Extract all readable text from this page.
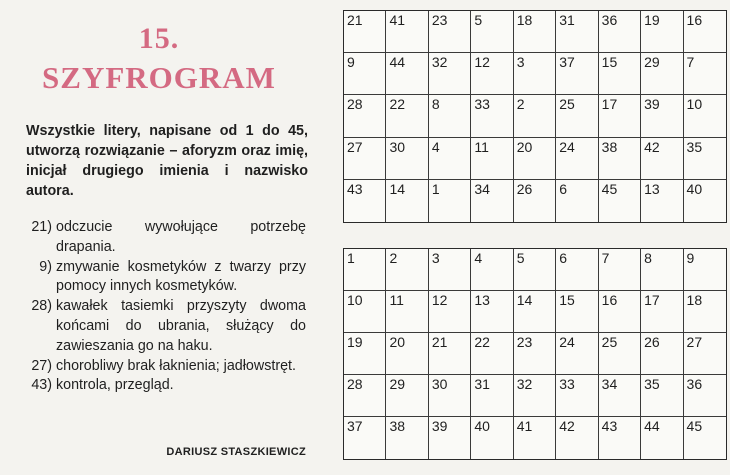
15.
SZYFROGRAM
Wszystkie litery, napisane od 1 do 45, utworzą rozwiązanie – aforyzm oraz imię, inicjał drugiego imienia i nazwisko autora.
21) odczucie wywołujące potrzebę drapania.
9) zmywanie kosmetyków z twarzy przy pomocy innych kosmetyków.
28) kawałek tasiemki przyszyty dwoma końcami do ubrania, służący do zawieszania go na haku.
27) chorobliwy brak łaknienia; jadłowstręt.
43) kontrola, przegląd.
DARIUSZ STASZKIEWICZ
21	41	23	5	18	31	36	19	16
9	44	32	12	3	37	15	29	7
28	22	8	33	2	25	17	39	10
27	30	4	11	20	24	38	42	35
43	14	1	34	26	6	45	13	40
1	2	3	4	5	6	7	8	9
10	11	12	13	14	15	16	17	18
19	20	21	22	23	24	25	26	27
28	29	30	31	32	33	34	35	36
37	38	39	40	41	42	43	44	45
